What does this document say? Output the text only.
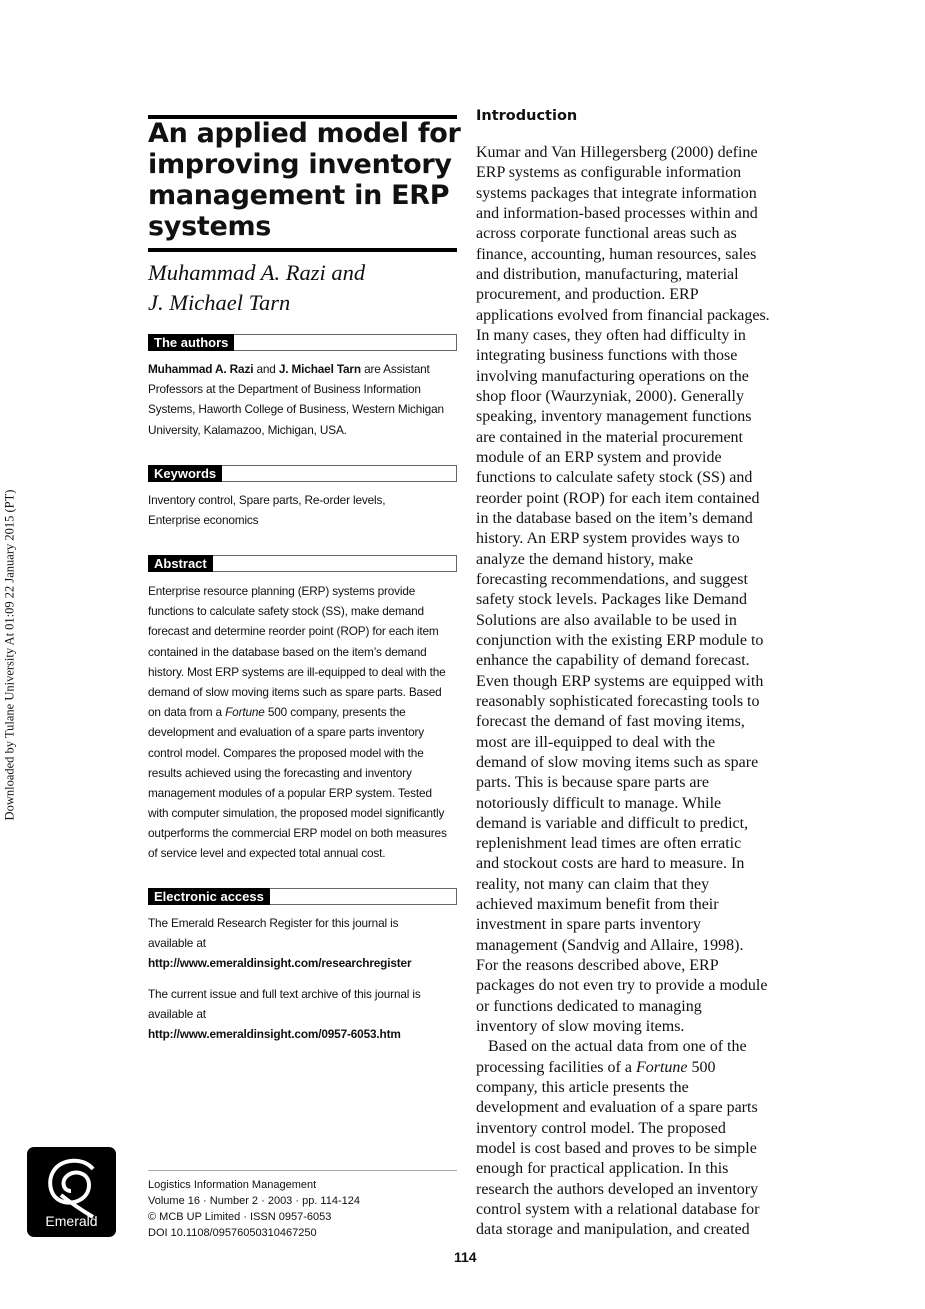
Downloaded by Tulane University At 01:09 22 January 2015 (PT)
An applied model for improving inventory management in ERP systems
Muhammad A. Razi and
J. Michael Tarn
The authors
Muhammad A. Razi and J. Michael Tarn are Assistant
Professors at the Department of Business Information
Systems, Haworth College of Business, Western Michigan
University, Kalamazoo, Michigan, USA.
Keywords
Inventory control, Spare parts, Re-order levels,
Enterprise economics
Abstract
Enterprise resource planning (ERP) systems provide
functions to calculate safety stock (SS), make demand
forecast and determine reorder point (ROP) for each item
contained in the database based on the item’s demand
history. Most ERP systems are ill-equipped to deal with the
demand of slow moving items such as spare parts. Based
on data from a Fortune 500 company, presents the
development and evaluation of a spare parts inventory
control model. Compares the proposed model with the
results achieved using the forecasting and inventory
management modules of a popular ERP system. Tested
with computer simulation, the proposed model significantly
outperforms the commercial ERP model on both measures
of service level and expected total annual cost.
Electronic access
The Emerald Research Register for this journal is
available at
http://www.emeraldinsight.com/researchregister
The current issue and full text archive of this journal is
available at
http://www.emeraldinsight.com/0957-6053.htm
Emerald
Logistics Information Management
Volume 16 · Number 2 · 2003 · pp. 114-124
© MCB UP Limited · ISSN 0957-6053
DOI 10.1108/09576050310467250
114
Introduction
Kumar and Van Hillegersberg (2000) define
ERP systems as configurable information
systems packages that integrate information
and information-based processes within and
across corporate functional areas such as
finance, accounting, human resources, sales
and distribution, manufacturing, material
procurement, and production. ERP
applications evolved from financial packages.
In many cases, they often had difficulty in
integrating business functions with those
involving manufacturing operations on the
shop floor (Waurzyniak, 2000). Generally
speaking, inventory management functions
are contained in the material procurement
module of an ERP system and provide
functions to calculate safety stock (SS) and
reorder point (ROP) for each item contained
in the database based on the item’s demand
history. An ERP system provides ways to
analyze the demand history, make
forecasting recommendations, and suggest
safety stock levels. Packages like Demand
Solutions are also available to be used in
conjunction with the existing ERP module to
enhance the capability of demand forecast.
Even though ERP systems are equipped with
reasonably sophisticated forecasting tools to
forecast the demand of fast moving items,
most are ill-equipped to deal with the
demand of slow moving items such as spare
parts. This is because spare parts are
notoriously difficult to manage. While
demand is variable and difficult to predict,
replenishment lead times are often erratic
and stockout costs are hard to measure. In
reality, not many can claim that they
achieved maximum benefit from their
investment in spare parts inventory
management (Sandvig and Allaire, 1998).
For the reasons described above, ERP
packages do not even try to provide a module
or functions dedicated to managing
inventory of slow moving items.
Based on the actual data from one of the
processing facilities of a Fortune 500
company, this article presents the
development and evaluation of a spare parts
inventory control model. The proposed
model is cost based and proves to be simple
enough for practical application. In this
research the authors developed an inventory
control system with a relational database for
data storage and manipulation, and created
